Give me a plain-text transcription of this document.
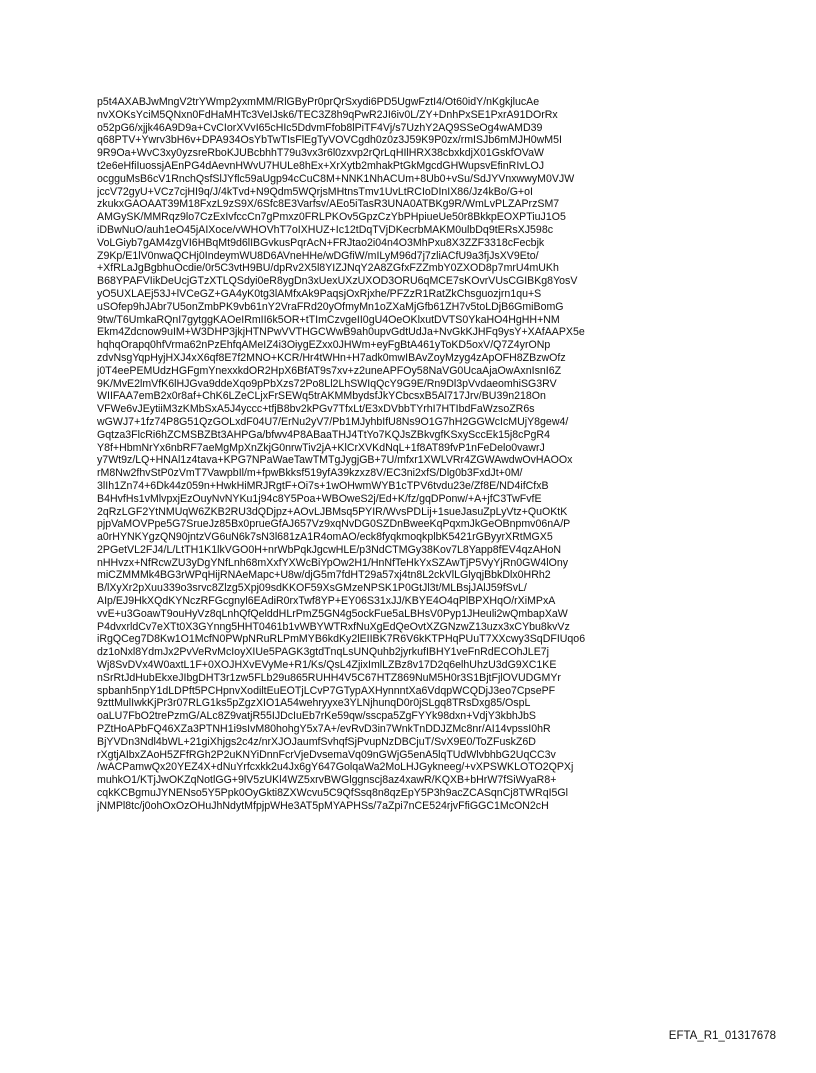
p5t4AXABJwMngV2trYWmp2yxmMM/RlGByPr0prQrSxydi6PD5UgwFztI4/Ot60idY/nKgkjlucAe
nvXOKsYciM5QNxn0FdHaMHTc3VeIJsk6/TEC3Z8h9qPwR2JI6iv0L/ZY+DnhPxSE1PxrA91DOrRx
o52pG6/xjjk46A9D9a+CvCIorXVvI65cHIc5DdvmFfob8lPiTF4Vj/s7UzhY2AQ9SSeOg4wAMD39
q68PTV+Ywrv3bH6v+DPA934OsYbTwTIsFlEgTyVOVCgdh0z0z3J59K9P0zx/rmISJb6mMJH0wM5I
9R9Oa+WvC3xy0yzsreRboKJUBcbhhT79u3vx3r6l0zxvp2rQrLqHIlHRX38cbxkdjX01GskfOVaW
t2e6eHfiIuossjAEnPG4dAevnHWvU7HULe8hEx+XrXytb2mhakPtGkMgcdGHWupsvEfinRIvLOJ
ocgguMsB6cV1RnchQsfSlJYflc59aUgp94cCuC8M+NNK1NhACUm+8Ub0+vSu/SdJYVnxwwyM0VJW
jccV72gyU+VCz7cjHI9q/J/4kTvd+N9Qdm5WQrjsMHtnsTmv1UvLtRCIoDInIX86/Jz4kBo/G+oI
zkukxGAOAAT39M18FxzL9zS9X/6Sfc8E3Varfsv/AEo5iTasR3UNA0ATBKg9R/WmLvPLZAPrzSM7
AMGySK/MMRqz9lo7CzExIvfccCn7gPmxz0FRLPKOv5GpzCzYbPHpiueUe50r8BkkpEOXPTiuJ1O5
iDBwNuO/auh1eO45jAIXoce/vWHOVhT7oIXHUZ+Ic12tDqTVjDKecrbMAKM0ulbDq9tERsXJ598c
VoLGiyb7gAM4zgVI6HBqMt9d6lIBGvkusPqrAcN+FRJtao2i04n4O3MhPxu8X3ZZF3318cFecbjk
Z9Kp/E1lV0nwaQCHj0IndeymWU8D6AVneHHe/wDGfiW/mILyM96d7j7zliACfU9a3fjJsXV9Eto/
+XfRLaJgBgbhuOcdie/0r5C3vtH9BU/dpRv2X5l8YIZJNqY2A8ZGfxFZZmbY0ZXOD8p7mrU4mUKh
B68YPAFVIikDeUcjGTzXTLQSdyi0eR8ygDn3xUexUXzUXOD3ORU6qMCE7sKOvrVUsCGIBKg8YosV
yO5UXLAEj53J+lVCeGZ+GA4yK0tg3lAMfxAk9PaqsjOxRjxhe/PFZzR1RatZkChsguozjrn1qu+S
uSOfep9hJAbr7U5onZmbPK9vb61nY2VraFRd20yOfmyMn1oZXaMjGfb61ZH7v5toLDjB6GmiBomG
9tw/T6UmkaRQnI7gytggKAOeIRmII6k5OR+tTImCzvgeII0gU4OeOKlxutDVTS0YkaHO4HgHH+NM
Ekm4Zdcnow9uIM+W3DHP3jkjHTNPwVVTHGCWwB9ah0upvGdtUdJa+NvGkKJHFq9ysY+XAfAAPX5e
hqhqOrapq0hfVrma62nPzEhfqAMeIZ4i3OiygEZxx0JHWm+eyFgBtA461yToKD5oxV/Q7Z4yrONp
zdvNsgYqpHyjHXJ4xX6qf8E7f2MNO+KCR/Hr4tWHn+H7adk0mwIBAvZoyMzyg4zApOFH8ZBzwOfz
j0T4eePEMUdzHGFgmYnexxkdOR2HpX6BfAT9s7xv+z2uneAPFOy58NaVG0UcaAjaOwAxnIsnI6Z
9K/MvE2lmVfK6lHJGva9ddeXqo9pPbXzs72Po8Ll2LhSWIqQcY9G9E/Rn9Dl3pVvdaeomhiSG3RV
WIIFAA7emB2x0r8af+ChK6LZeCLjxFrSEWq5trAKMMbydsfJkYCbcsxB5Al717Jrv/BU39n218On
VFWe6vJEytiiM3zKMbSxA5J4yccc+tfjB8bv2kPGv7TfxLt/E3xDVbbTYrhI7HTIbdFaWzsoZR6s
wGWJ7+1fz74P8G51QzGOLxdF04U7/ErNu2yV7/Pb1MJyhbIfU8Ns9O1G7hH2GGWcIcMUjY8gew4/
Gqtza3FlcRi6hZCMSBZBt3AHPGa/bfwv4P8ABaaTHJ4TtYo7KQJsZBkvgfKSxySccEk15j8cPgR4
Y8f+HbmNrYx6nbRF7aeMgMpXnZkjG0nrwTiv2jA+KlCrXVKdNqL+1f8AT89fvP1nFeDelo0vawrJ
y7Wt9z/LQ+HNAl1z4tava+KPG7NPaWaeTawTMTgJygjGB+7U/mfxr1XWLVRr4ZGWAwdwOvHAOOx
rM8Nw2fhvStP0zVmT7VawpbIl/m+fpwBkksf519yfA39kzxz8V/EC3ni2xfS/Dlg0b3FxdJt+0M/
3lIh1Zn74+6Dk44z059n+HwkHiMRJRgtF+Oi7s+1wOHwmWYB1cTPV6tvdu23e/Zf8E/ND4ifCfxB
B4HvfHs1vMlvpxjEzOuyNvNYKu1j94c8Y5Poa+WBOweS2j/Ed+K/fz/gqDPonw/+A+jfC3TwFvfE
2qRzLGF2YtNMUqW6ZKB2RU3dQDjpz+AOvLJBMsq5PYIR/WvsPDLij+1sueJasuZpLyVtz+QuOKtK
pjpVaMOVPpe5G7SrueJz85Bx0prueGfAJ657Vz9xqNvDG0SZDnBweeKqPqxmJkGeOBnpmv06nA/P
a0rHYNKYgzQN90jntzVG6uN6k7sN3l681zA1R4omAO/eck8fyqkmoqkplbK5421rGByyrXRtMGX5
2PGetVL2FJ4/L/LtTH1K1lkVGO0H+nrWbPqkJgcwHLE/p3NdCTMGy38Kov7L8Yapp8fEV4qzAHoN
nHHvzx+NfRcwZU3yDgYNfLnh68mXxfYXWcBiYpOw2H1/HnNfTeHkYxSZAwTjP5VyYjRn0GW4lOny
miCZMMMk4BG3rWPqHijRNAeMapc+U8w/djG5m7fdHT29a57xj4tn8L2ckVlLGlyqjBbkDlx0HRh2
B/lXyXr2pXuu339o3srvc8Zlzg5Xpj09sdKKOF59XsGMzeNPSK1P0GtJl3t/MLBsjJAlJ59fSvL/
AIp/EJ9HkXQdKYNczRFGcgnyl6EAdiR0rxTwf8YP+EY06S31xJJ/KBYE4O4qPlBPXHqO/rXiMPxA
vvE+u3GoawT9ouHyVz8qLnhQfQelddHLrPmZ5GN4g5ockFue5aLBHsV0Pyp1JHeuli2wQmbapXaW
P4dvxrldCv7eXTt0X3GYnng5HHT0461b1vWBYWTRxfNuXgEdQeOvtXZGNzwZ13uzx3xCYbu8kvVz
iRgQCeg7D8Kw1O1McfN0PWpNRuRLPmMYB6kdKy2lEIIBK7R6V6kKTPHqPUuT7XXcwy3SqDFIUqo6
dz1oNxl8YdmJx2PvVeRvMcIoyXIUe5PAGK3gtdTnqLsUNQuhb2jyrkufIBHY1veFnRdECOhJLE7j
Wj8SvDVx4W0axtL1F+0XOJHXvEVyMe+R1/Ks/QsL4ZjixImlLZBz8v17D2q6elhUhzU3dG9XC1KE
nSrRtJdHubEkxeJIbgDHT3r1zw5FLb29u865RUHH4V5C67HTZ869NuM5H0r3S1BjtFjlOVUDGMYr
spbanh5npY1dLDPft5PCHpnvXodiltEuEOTjLCvP7GTypAXHynnntXa6VdqpWCQDjJ3eo7CpsePF
9zttMulIwkKjPr3r07RLG1ks5pZgzXIO1A54wehryyxe3YLNjhunqD0r0jSLgq8TRsDxg85/OspL
oaLU7FbO2trePzmG/ALc8Z9vatjR55IJDcIuEb7rKe59qw/sscpa5ZgFYYk98dxn+VdjY3kbhJbS
PZtHoAPbFQ46XZa3PTNH1i9sIvM80hohgY5x7A+/evRvD3in7WnkTnDDJZMc8nr/AI14vpssI0hR
BjYVDn3Ndl4bWL+21giXhjgs2c4z/nrXJOJaumfSvhqfSjPvupNzDBCjuT/SvX9E0/ToZFuskZ6D
rXgtjAIbxZAoH5ZFfRGh2P2uKNYiDnnFcrVjeDvsemaVq09nGWjG5enA5lqTUdWlvbhbG2UqCC3v
/wACPamwQx20YEZ4X+dNuYrfcxkk2u4Jx6gY647GolqaWa2MoLHJGykneeg/+vXPSWKLOTO2QPXj
muhkO1/KTjJwOKZqNotlGG+9lV5zUKl4WZ5xrvBWGlggnscj8az4xawR/KQXB+bHrW7fSiWyaR8+
cqkKCBgmuJYNENso5Y5Ppk0OyGkti8ZXWcvu5C9QfSsq8n8qzEpY5P3h9acZCASqnCj8TWRqI5Gl
jNMPl8tc/j0ohOxOzOHuJhNdytMfpjpWHe3AT5pMYAPHSs/7aZpi7nCE524rjvFfiGGC1McON2cH
EFTA_R1_01317678
